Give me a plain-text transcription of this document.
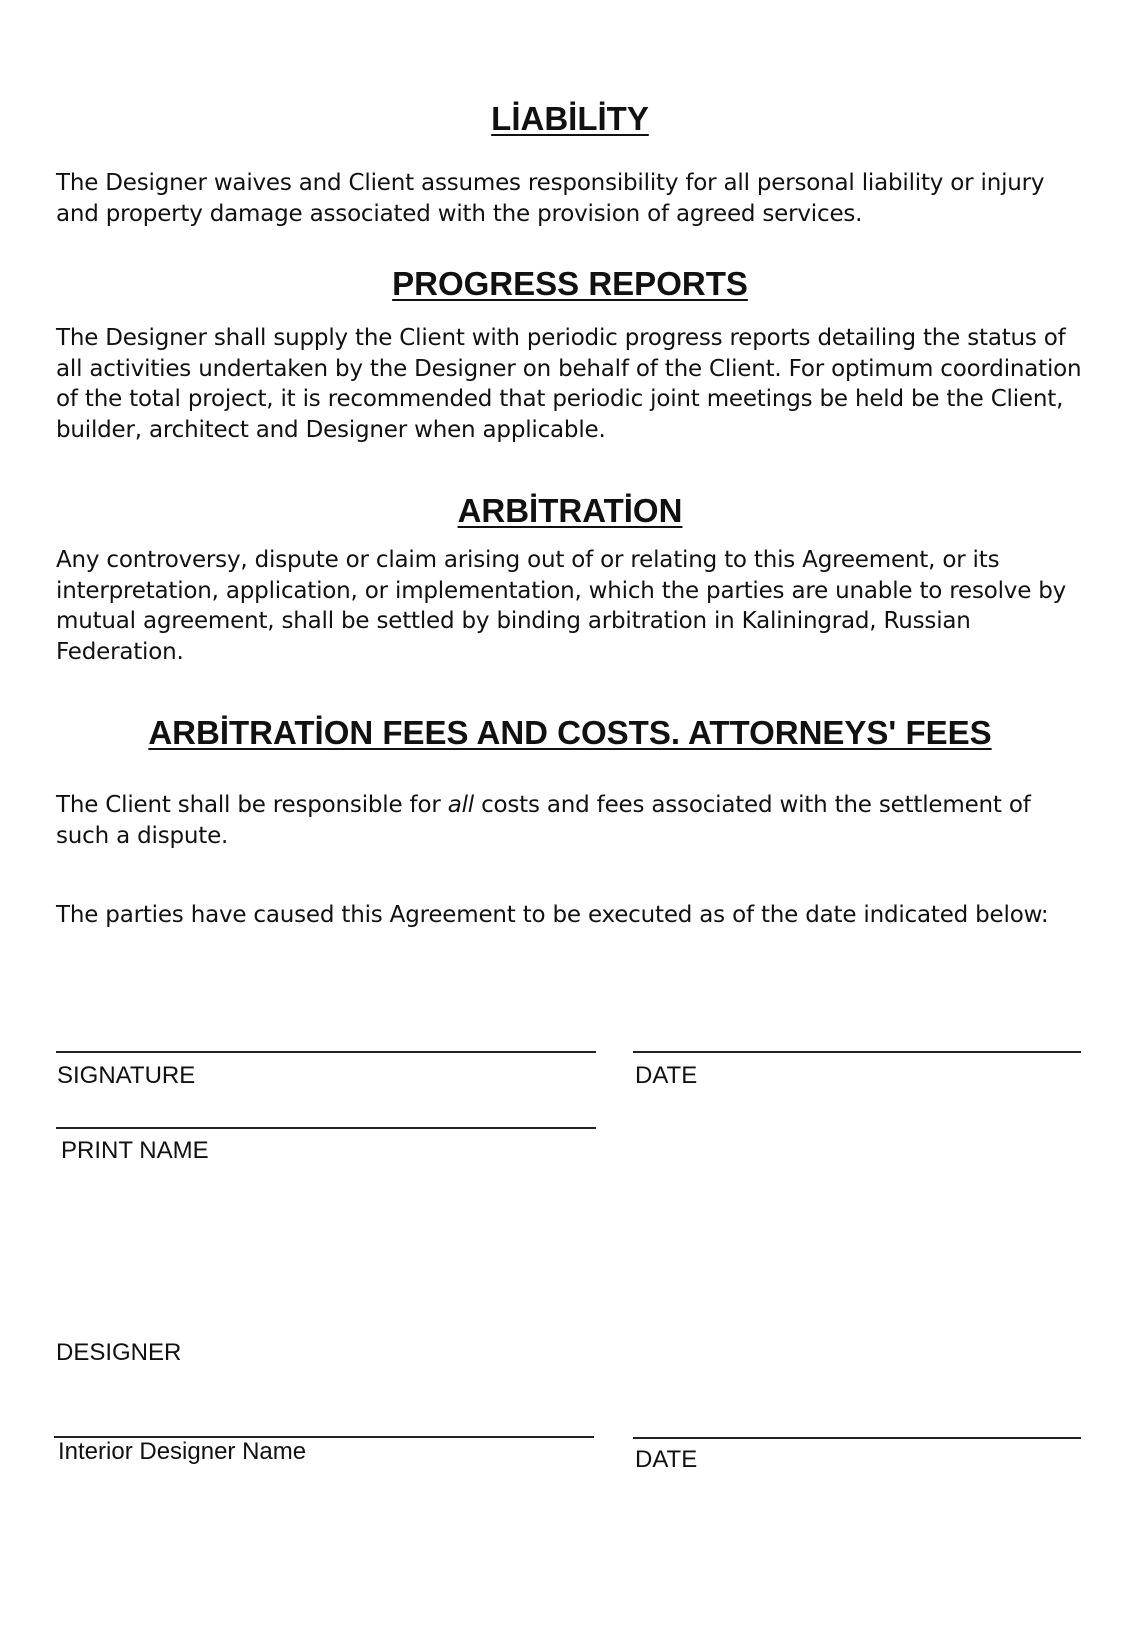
LİABİLİTY

The Designer waives and Client assumes responsibility for all personal liability or injury and property damage associated with the provision of agreed services.

PROGRESS REPORTS

The Designer shall supply the Client with periodic progress reports detailing the status of all activities undertaken by the Designer on behalf of the Client. For optimum coordination of the total project, it is recommended that periodic joint meetings be held be the Client, builder, architect and Designer when applicable.

ARBİTRATİON

Any controversy, dispute or claim arising out of or relating to this Agreement, or its interpretation, application, or implementation, which the parties are unable to resolve by mutual agreement, shall be settled by binding arbitration in Kaliningrad, Russian Federation.

ARBİTRATİON FEES AND COSTS. ATTORNEYS' FEES

The Client shall be responsible for all costs and fees associated with the settlement of such a dispute.

The parties have caused this Agreement to be executed as of the date indicated below:

SIGNATURE	DATE

PRINT NAME

DESIGNER

Interior Designer Name	DATE
